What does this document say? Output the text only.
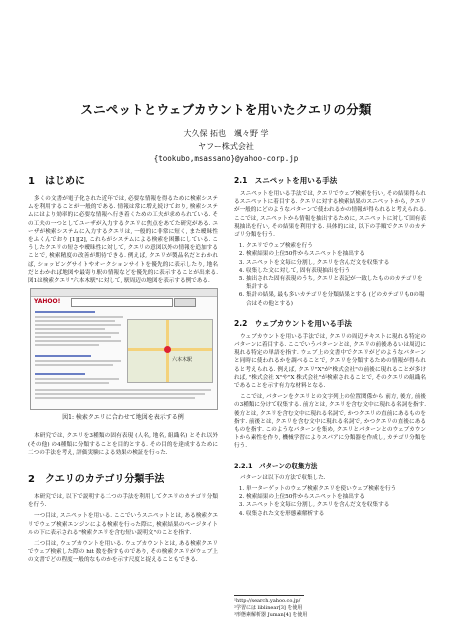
スニペットとウェブカウントを用いたクエリの分類
大久保 拓也　颯々野 学
ヤフー株式会社
{tookubo,msassano}@yahoo-corp.jp
1　はじめに

多くの文書が電子化された近年では, 必要な情報を得るために検索システムを利用することが一般的である. 情報は常に増え続けており, 検索システムにはより効率的に必要な情報へ行き着くための工夫が求められている. その工夫の一つとしてユーザが入力するクエリに焦点をあてた研究がある. ユーザが検索システムに入力するクエリは, 一般的に非常に短く, また曖昧性をふくんでおり [1][2], これらがシステムによる検索を困難にしている. こうしたクエリの短さや曖昧性に対して, クエリの意図以外の情報を追加することで, 検索精度の改善が期待できる. 例えば, クエリが製品名だとわかれば, ショッピングサイトやオークションサイトを優先的に表示したり, 地名だとわかれば地図や最寄り駅の情報などを優先的に表示することが出来る. 図1は検索クエリ"六本木駅"に対して, 駅周辺の地図を表示する例である.

YAHOO!
六本木駅
図1: 検索クエリに合わせて地図を表示する例

本研究では, クエリを3種類の固有表現 (人名, 地名, 組織名) とそれ以外 (その他) の4種類に分類することを目的とする. その目的を達成するために二つの手法を考え, 評価実験による効果の検証を行った.

2　クエリのカテゴリ分類手法

本研究では, 以下で説明する二つの手法を利用してクエリのカテゴリ分類を行う.

一つ目は, スニペットを用いる. ここでいうスニペットとは, ある検索クエリでウェブ検索エンジンによる検索を行った際に, 検索結果のページタイトルの下に表示される"検索クエリを含む短い説明文"のことを指す.

二つ目は, ウェブカウントを用いる. ウェブカウントとは, ある検索クエリでウェブ検索した際の hit 数を指すものであり, その検索クエリがウェブ上の文書でどの程度一般的なものかを示す尺度と捉えることもできる.

2.1　スニペットを用いる手法

スニペットを用いる手法では, クエリでウェブ検索を行い, その結果得られるスニペットに着目する. クエリに対する検索結果のスニペットから, クエリが一般的にどのようなパターンで使われるかの情報が得られると考えられる. ここでは, スニペットから情報を抽出するために, スニペットに対して固有表現抽出を行い, その結果を利用する. 具体的には, 以下の手順でクエリのカテゴリ分類を行う.

1. クエリでウェブ検索を行う
2. 検索結果の上位50件からスニペットを抽出する
3. スニペットを文毎に分割し, クエリを含んだ文を収集する
4. 収集した文に対して, 固有表現抽出を行う
5. 抽出された固有表現のうち, クエリと表記が一致したもののカテゴリを集計する
6. 集計の結果, 最も多いカテゴリを分類結果とする (どのカテゴリも0の場合はその他とする)
2.2　ウェブカウントを用いる手法

ウェブカウントを用いる手法では, クエリの周辺テキストに現れる特定のパターンに着目する. ここでいうパターンとは, クエリの前後あるいは周辺に現れる特定の単語を指す. ウェブ上の文書中でクエリがどのようなパターンと同時に使われるかを調べることで, クエリを分類するための情報が得られると考えられる. 例えば, クエリ"X"が"株式会社"の前後に現れることが多ければ, "株式会社 X"や"X 株式会社"が検索されることで, そのクエリの組織名であることを示す有力な材料となる.

ここでは, パターンをクエリとの文字列上の位置関係から 前方, 後方, 前後 の3種類に分けて収集する. 前方とは, クエリを含む文中に現れる名詞を指す. 後方とは, クエリを含む文中に現れる名詞で, かつクエリの直前にあるものを指す. 前後とは, クエリを含む文中に現れる名詞で, かつクエリの直後にあるものを指す. このようなパターンを集め, クエリとパターンとのウェブカウントから素性を作り, 機械学習によりスパアに分類器を作成し, カテゴリ分類を行う.

2.2.1　パターンの収集方法

パターンは以下の方法で収集した.

1. 単一ターゲットのウェブ検索クエリを使いウェブ検索を行う
2. 検索結果の上位50件からスニペットを抽出する
3. スニペットを文毎に分割し, クエリを含んだ文を収集する
4. 収集された文を形態素解析する
¹http://search.yahoo.co.jp/
²学習には liblinear[3] を使用
³形態素解析器 Juman[4] を使用
